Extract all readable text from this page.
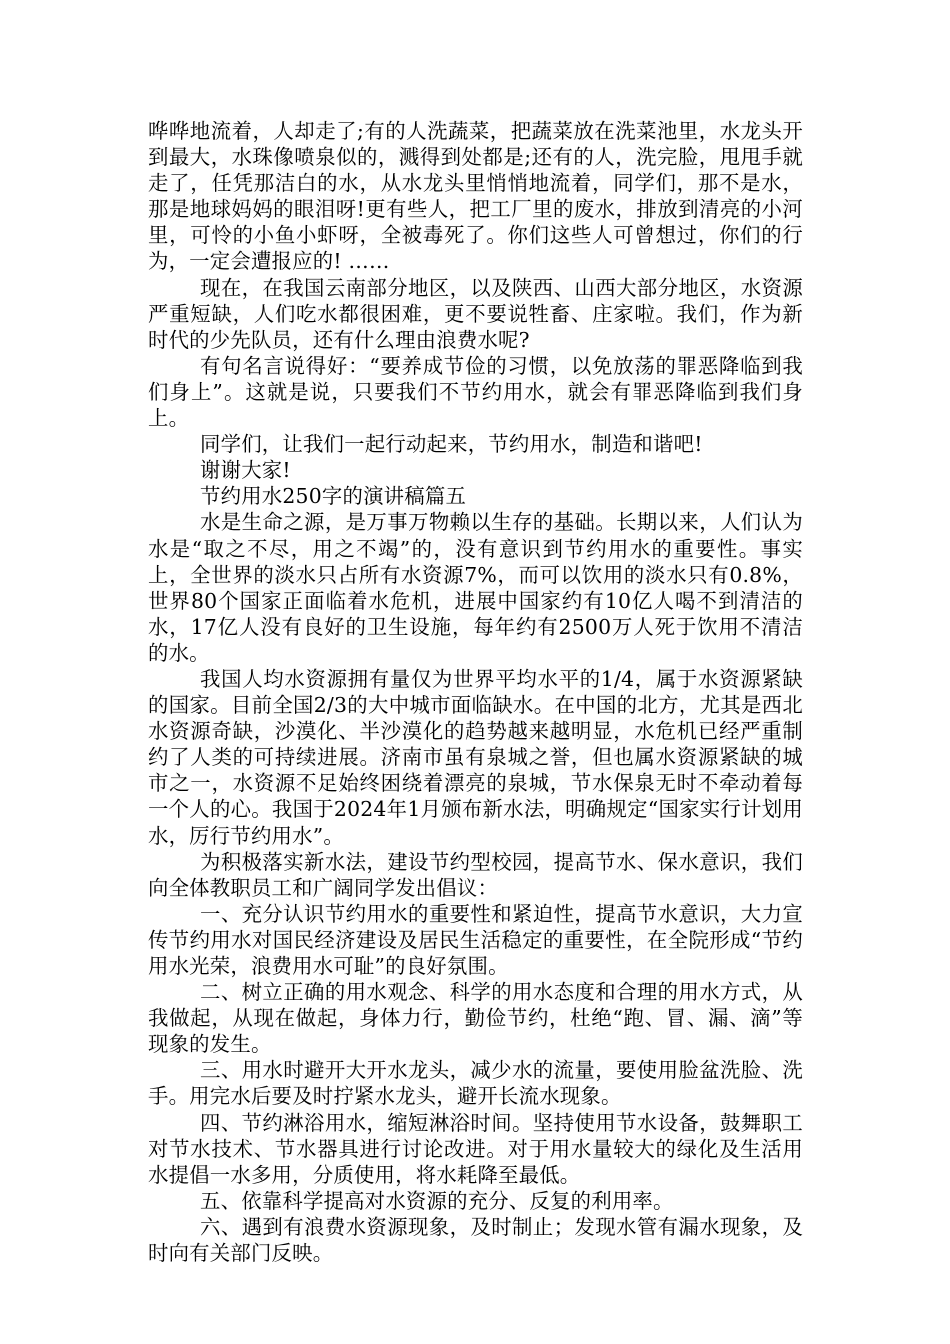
哗哗地流着，人却走了;有的人洗蔬菜，把蔬菜放在洗菜池里，水龙头开到最大，水珠像喷泉似的，溅得到处都是;还有的人，洗完脸，甩甩手就走了，任凭那洁白的水，从水龙头里悄悄地流着，同学们，那不是水，那是地球妈妈的眼泪呀!更有些人，把工厂里的废水，排放到清亮的小河里，可怜的小鱼小虾呀，全被毒死了。你们这些人可曾想过，你们的行为，一定会遭报应的! ……

现在，在我国云南部分地区，以及陕西、山西大部分地区，水资源严重短缺，人们吃水都很困难，更不要说牲畜、庄家啦。我们，作为新时代的少先队员，还有什么理由浪费水呢?

有句名言说得好：“要养成节俭的习惯，以免放荡的罪恶降临到我们身上”。这就是说，只要我们不节约用水，就会有罪恶降临到我们身上。

同学们，让我们一起行动起来，节约用水，制造和谐吧!

谢谢大家!

节约用水250字的演讲稿篇五

水是生命之源，是万事万物赖以生存的基础。长期以来，人们认为水是“取之不尽，用之不竭”的，没有意识到节约用水的重要性。事实上，全世界的淡水只占所有水资源7%，而可以饮用的淡水只有0.8%，世界80个国家正面临着水危机，进展中国家约有10亿人喝不到清洁的水，17亿人没有良好的卫生设施，每年约有2500万人死于饮用不清洁的水。

我国人均水资源拥有量仅为世界平均水平的1/4，属于水资源紧缺的国家。目前全国2/3的大中城市面临缺水。在中国的北方，尤其是西北水资源奇缺，沙漠化、半沙漠化的趋势越来越明显，水危机已经严重制约了人类的可持续进展。济南市虽有泉城之誉，但也属水资源紧缺的城市之一，水资源不足始终困绕着漂亮的泉城，节水保泉无时不牵动着每一个人的心。我国于2024年1月颁布新水法，明确规定“国家实行计划用水，厉行节约用水”。

为积极落实新水法，建设节约型校园，提高节水、保水意识，我们向全体教职员工和广阔同学发出倡议：

一、充分认识节约用水的重要性和紧迫性，提高节水意识，大力宣传节约用水对国民经济建设及居民生活稳定的重要性，在全院形成“节约用水光荣，浪费用水可耻”的良好氛围。

二、树立正确的用水观念、科学的用水态度和合理的用水方式，从我做起，从现在做起，身体力行，勤俭节约，杜绝“跑、冒、漏、滴”等现象的发生。

三、用水时避开大开水龙头，减少水的流量，要使用脸盆洗脸、洗手。用完水后要及时拧紧水龙头，避开长流水现象。

四、节约淋浴用水，缩短淋浴时间。坚持使用节水设备，鼓舞职工对节水技术、节水器具进行讨论改进。对于用水量较大的绿化及生活用水提倡一水多用，分质使用，将水耗降至最低。

五、依靠科学提高对水资源的充分、反复的利用率。

六、遇到有浪费水资源现象，及时制止；发现水管有漏水现象，及时向有关部门反映。
